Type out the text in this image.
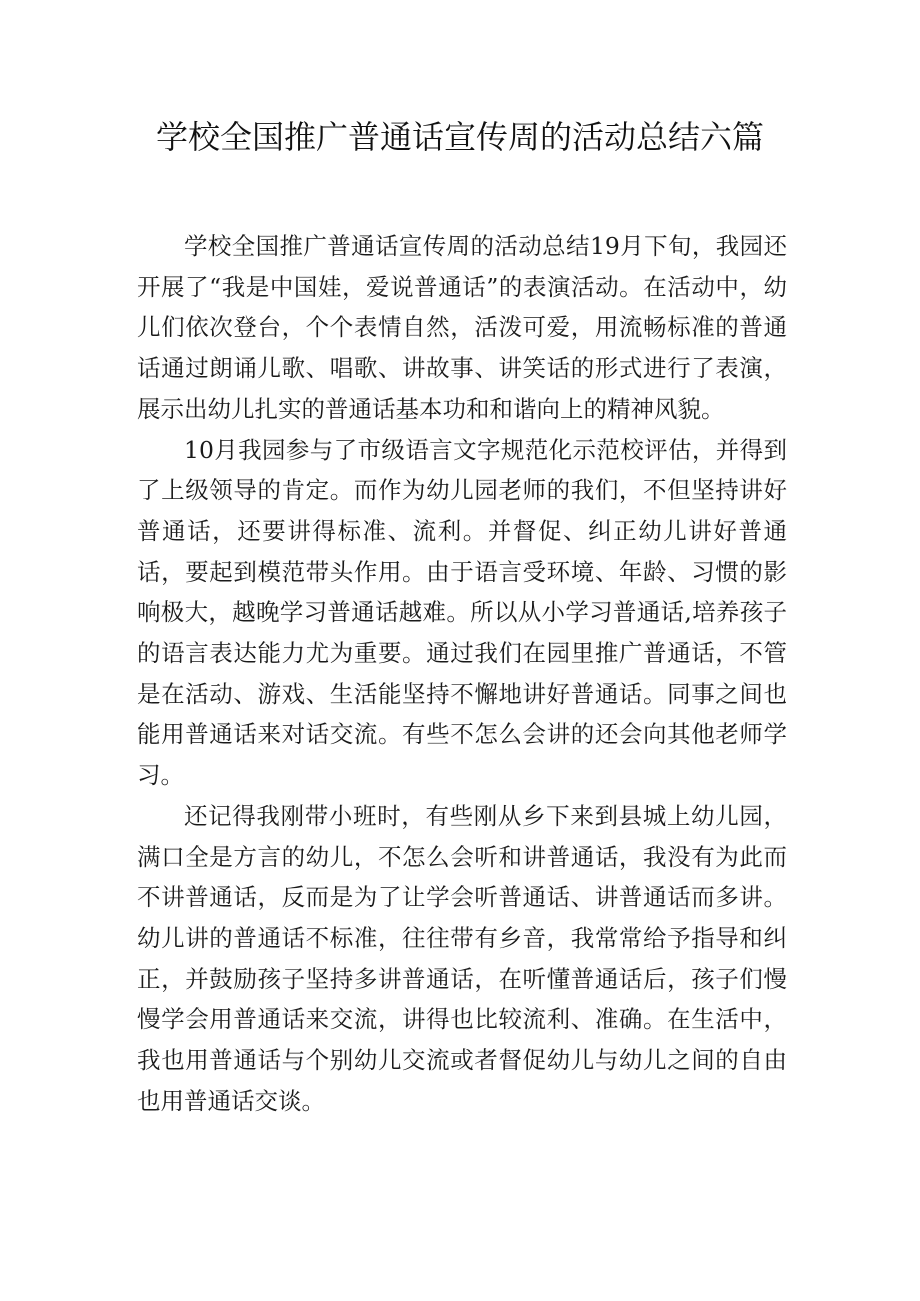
学校全国推广普通话宣传周的活动总结六篇

学校全国推广普通话宣传周的活动总结19月下旬，我园还开展了“我是中国娃，爱说普通话”的表演活动。在活动中，幼儿们依次登台，个个表情自然，活泼可爱，用流畅标准的普通话通过朗诵儿歌、唱歌、讲故事、讲笑话的形式进行了表演，展示出幼儿扎实的普通话基本功和和谐向上的精神风貌。

10月我园参与了市级语言文字规范化示范校评估，并得到了上级领导的肯定。而作为幼儿园老师的我们，不但坚持讲好普通话，还要讲得标准、流利。并督促、纠正幼儿讲好普通话，要起到模范带头作用。由于语言受环境、年龄、习惯的影响极大，越晚学习普通话越难。所以从小学习普通话,培养孩子的语言表达能力尤为重要。通过我们在园里推广普通话，不管是在活动、游戏、生活能坚持不懈地讲好普通话。同事之间也能用普通话来对话交流。有些不怎么会讲的还会向其他老师学习。

还记得我刚带小班时，有些刚从乡下来到县城上幼儿园，满口全是方言的幼儿，不怎么会听和讲普通话，我没有为此而不讲普通话，反而是为了让学会听普通话、讲普通话而多讲。幼儿讲的普通话不标准，往往带有乡音，我常常给予指导和纠正，并鼓励孩子坚持多讲普通话，在听懂普通话后，孩子们慢慢学会用普通话来交流，讲得也比较流利、准确。在生活中，我也用普通话与个别幼儿交流或者督促幼儿与幼儿之间的自由也用普通话交谈。
